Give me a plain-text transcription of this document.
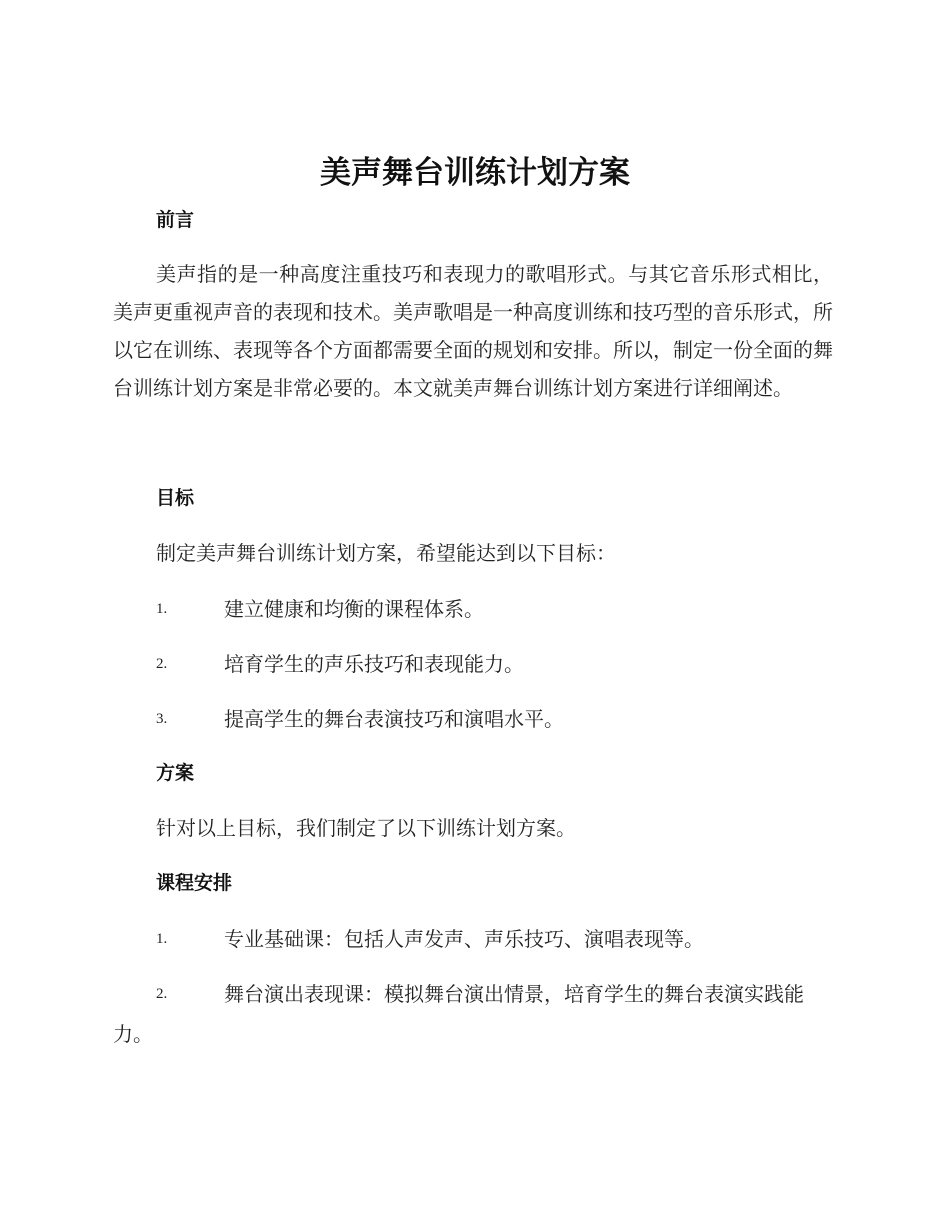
美声舞台训练计划方案
前言
美声指的是一种高度注重技巧和表现力的歌唱形式。与其它音乐形式相比，美声更重视声音的表现和技术。美声歌唱是一种高度训练和技巧型的音乐形式，所以它在训练、表现等各个方面都需要全面的规划和安排。所以，制定一份全面的舞台训练计划方案是非常必要的。本文就美声舞台训练计划方案进行详细阐述。
目标
制定美声舞台训练计划方案，希望能达到以下目标：
1.	建立健康和均衡的课程体系。
2.	培育学生的声乐技巧和表现能力。
3.	提高学生的舞台表演技巧和演唱水平。
方案
针对以上目标，我们制定了以下训练计划方案。
课程安排
1.	专业基础课：包括人声发声、声乐技巧、演唱表现等。
2.	舞台演出表现课：模拟舞台演出情景，培育学生的舞台表演实践能力。
